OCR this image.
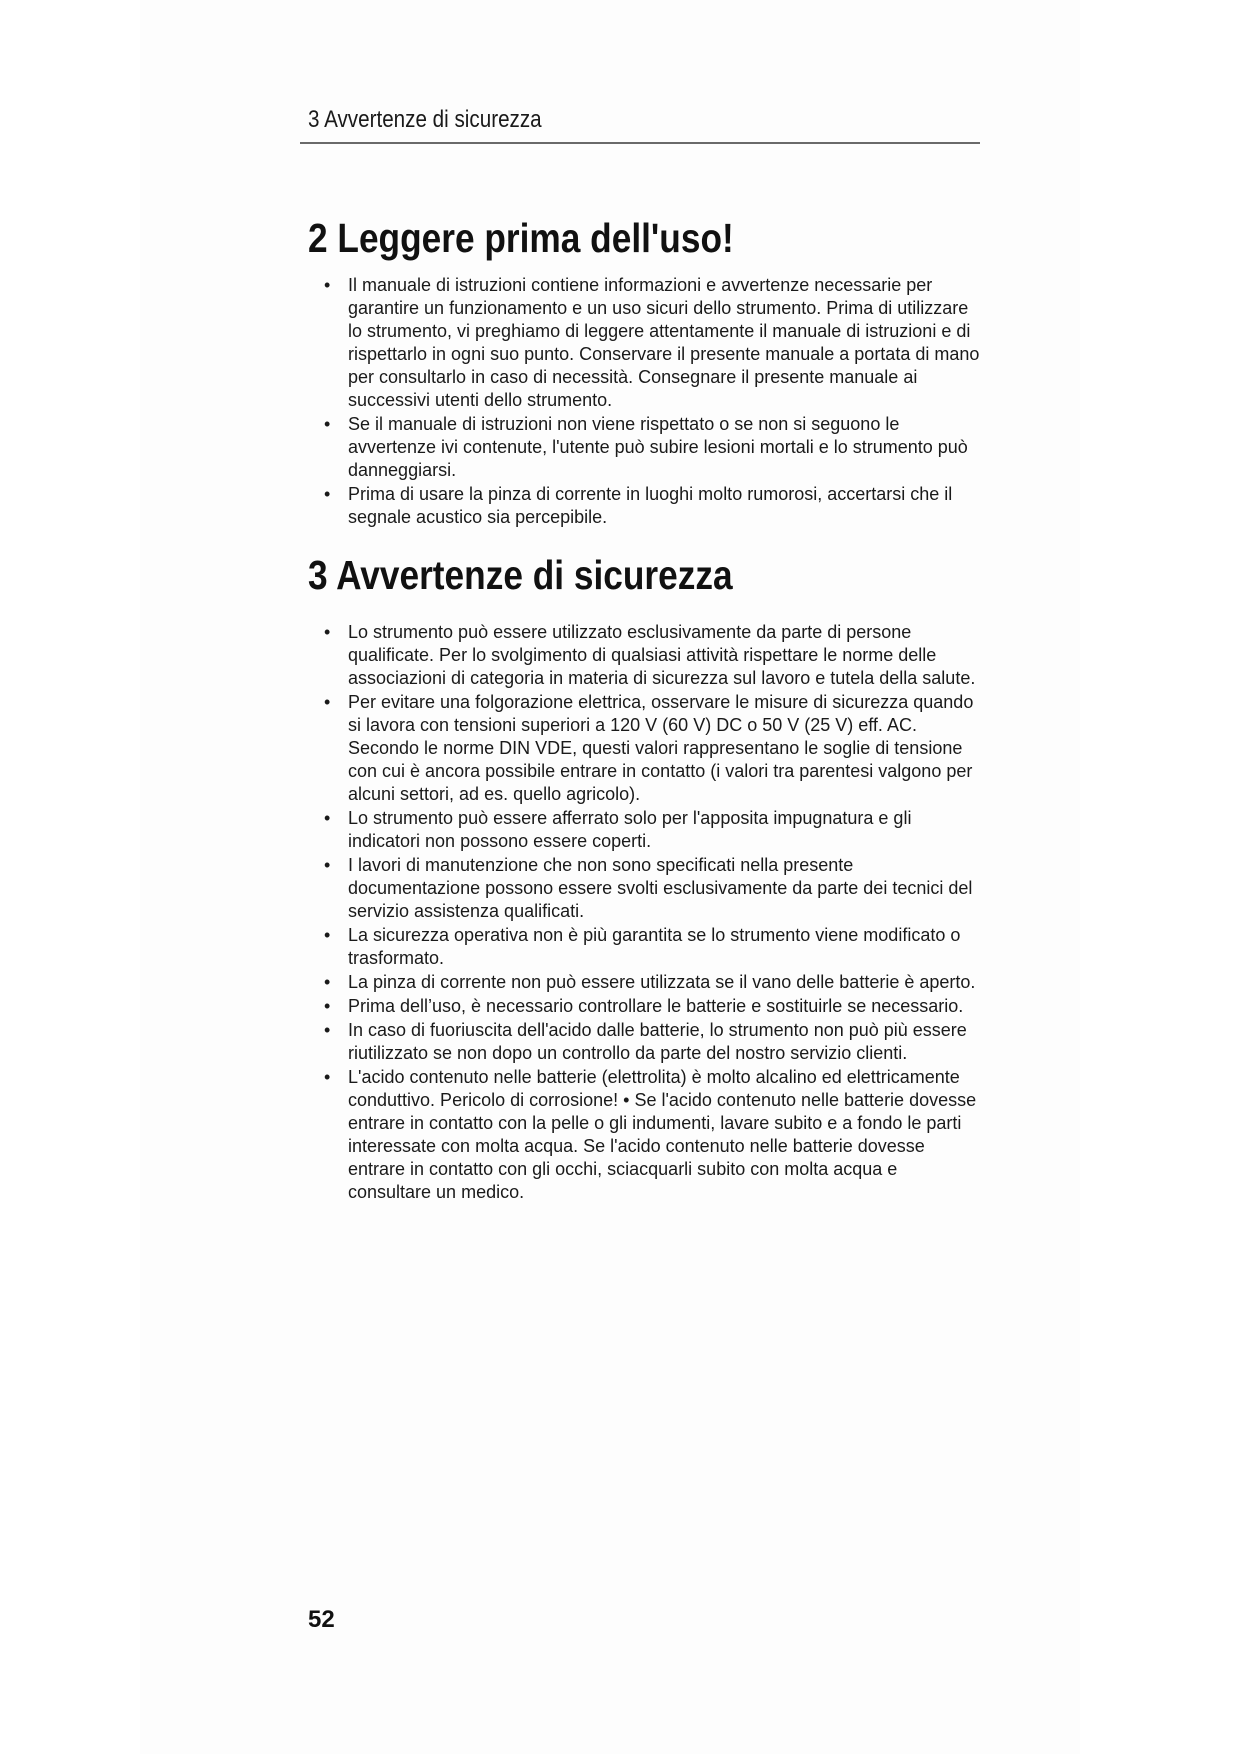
3 Avvertenze di sicurezza
2 Leggere prima dell'uso!
• Il manuale di istruzioni contiene informazioni e avvertenze necessarie per garantire un funzionamento e un uso sicuri dello strumento. Prima di utilizzare lo strumento, vi preghiamo di leggere attentamente il manuale di istruzioni e di rispettarlo in ogni suo punto. Conservare il presente manuale a portata di mano per consultarlo in caso di necessità. Consegnare il presente manuale ai successivi utenti dello strumento.
• Se il manuale di istruzioni non viene rispettato o se non si seguono le avvertenze ivi contenute, l'utente può subire lesioni mortali e lo strumento può danneggiarsi.
• Prima di usare la pinza di corrente in luoghi molto rumorosi, accertarsi che il segnale acustico sia percepibile.
3 Avvertenze di sicurezza
• Lo strumento può essere utilizzato esclusivamente da parte di persone qualificate. Per lo svolgimento di qualsiasi attività rispettare le norme delle associazioni di categoria in materia di sicurezza sul lavoro e tutela della salute.
• Per evitare una folgorazione elettrica, osservare le misure di sicurezza quando si lavora con tensioni superiori a 120 V (60 V) DC o 50 V (25 V) eff. AC. Secondo le norme DIN VDE, questi valori rappresentano le soglie di tensione con cui è ancora possibile entrare in contatto (i valori tra parentesi valgono per alcuni settori, ad es. quello agricolo).
• Lo strumento può essere afferrato solo per l'apposita impugnatura e gli indicatori non possono essere coperti.
• I lavori di manutenzione che non sono specificati nella presente documentazione possono essere svolti esclusivamente da parte dei tecnici del servizio assistenza qualificati.
• La sicurezza operativa non è più garantita se lo strumento viene modificato o trasformato.
• La pinza di corrente non può essere utilizzata se il vano delle batterie è aperto.
• Prima dell’uso, è necessario controllare le batterie e sostituirle se necessario.
• In caso di fuoriuscita dell'acido dalle batterie, lo strumento non può più essere riutilizzato se non dopo un controllo da parte del nostro servizio clienti.
• L'acido contenuto nelle batterie (elettrolita) è molto alcalino ed elettricamente conduttivo. Pericolo di corrosione! • Se l'acido contenuto nelle batterie dovesse entrare in contatto con la pelle o gli indumenti, lavare subito e a fondo le parti interessate con molta acqua. Se l'acido contenuto nelle batterie dovesse entrare in contatto con gli occhi, sciacquarli subito con molta acqua e consultare un medico.
52
